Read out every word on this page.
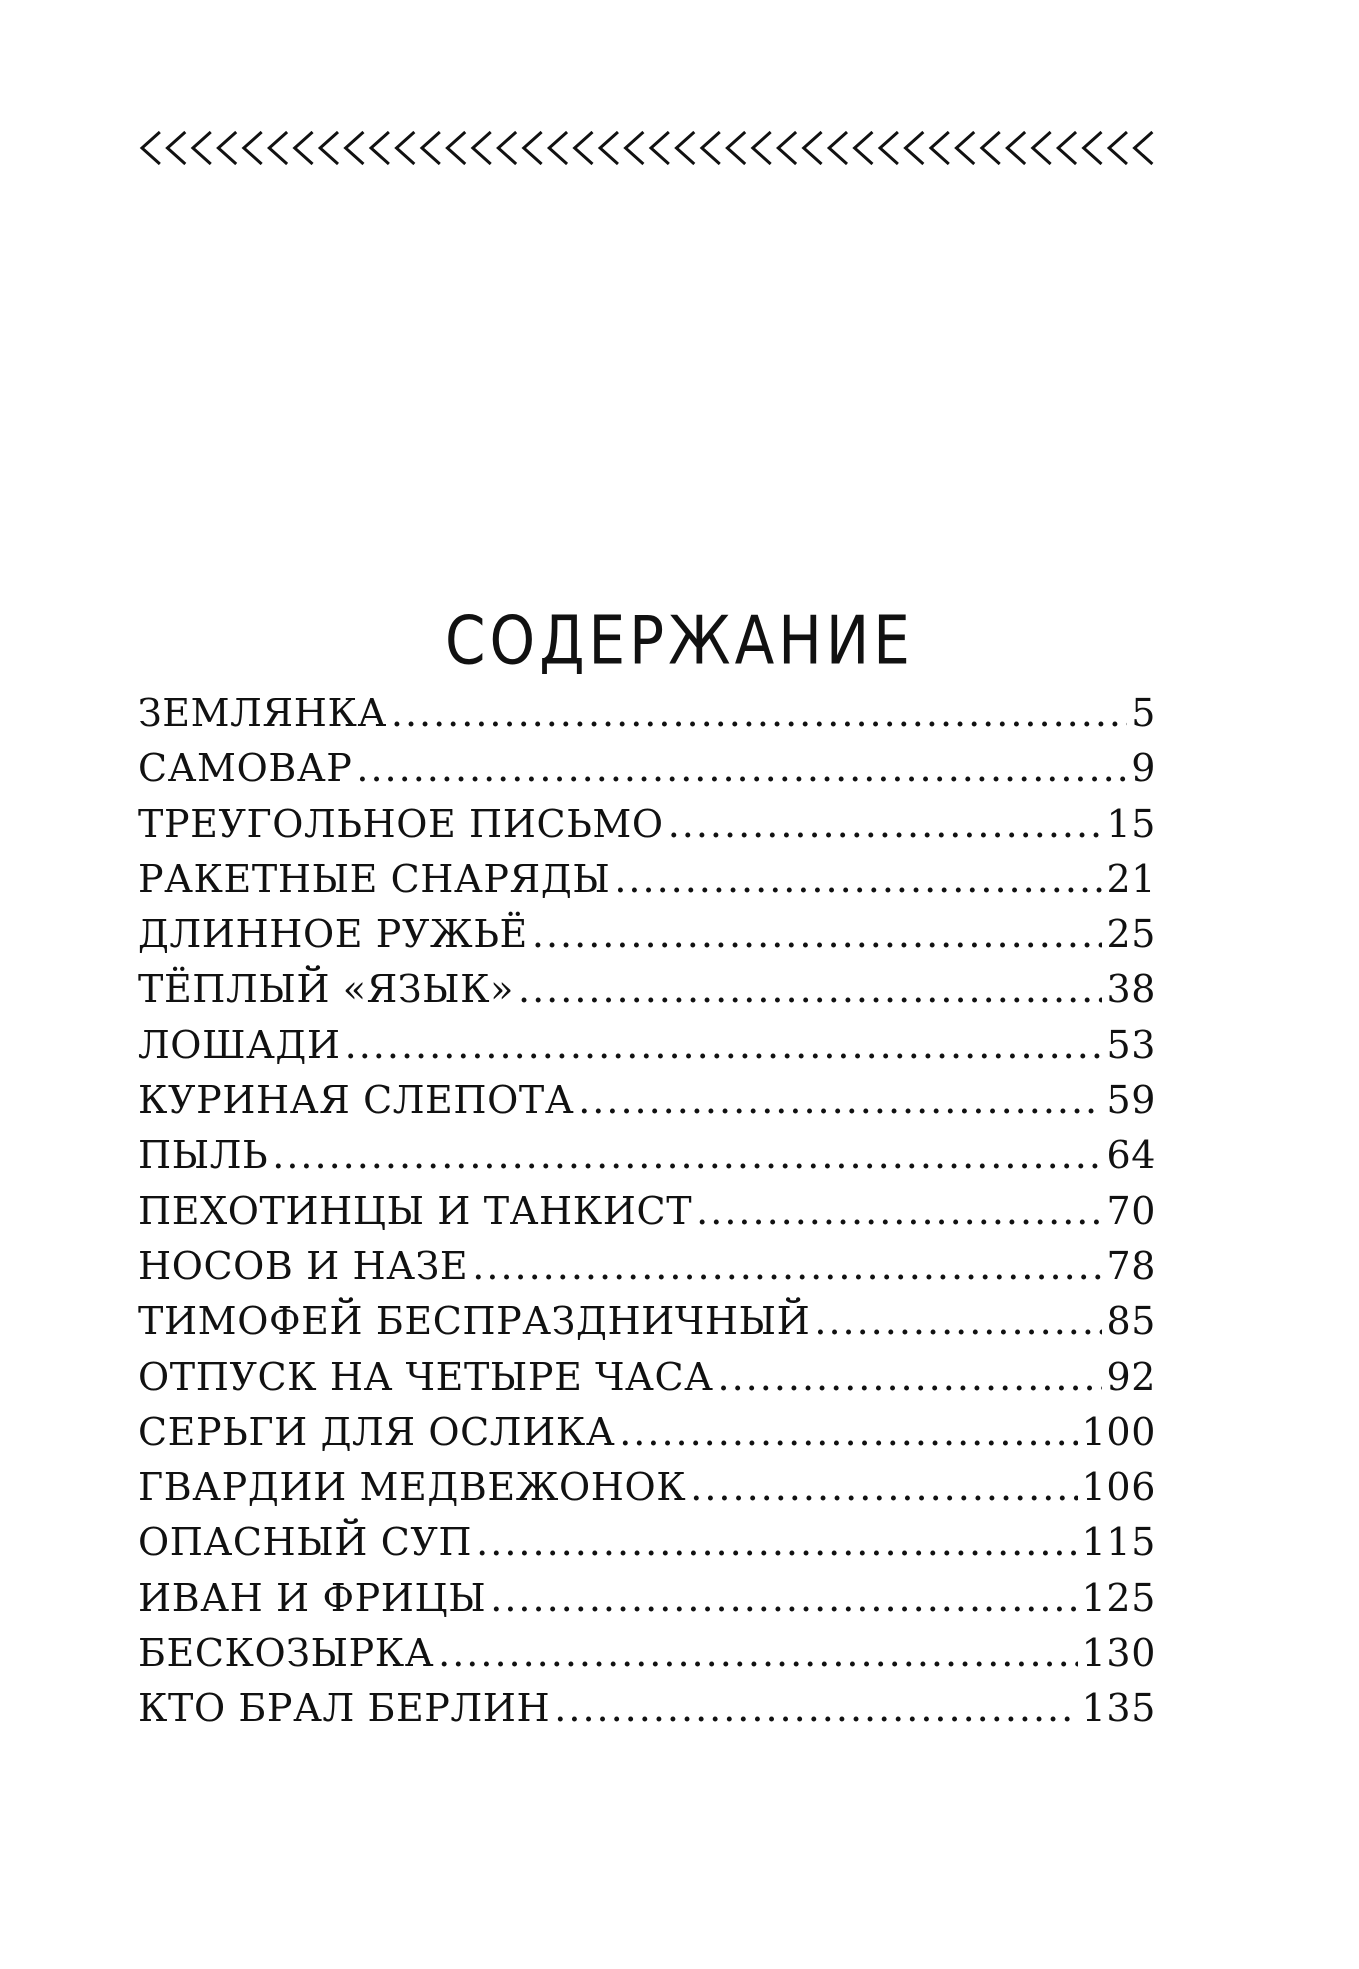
СОДЕРЖАНИЕ
ЗЕМЛЯНКА .....	5
САМОВАР .....	9
ТРЕУГОЛЬНОЕ ПИСЬМО .....	15
РАКЕТНЫЕ СНАРЯДЫ .....	21
ДЛИННОЕ РУЖЬЁ .....	25
ТЁПЛЫЙ «ЯЗЫК» .....	38
ЛОШАДИ .....	53
КУРИНАЯ СЛЕПОТА .....	59
ПЫЛЬ .....	64
ПЕХОТИНЦЫ И ТАНКИСТ .....	70
НОСОВ И НАЗЕ .....	78
ТИМОФЕЙ БЕСПРАЗДНИЧНЫЙ .....	85
ОТПУСК НА ЧЕТЫРЕ ЧАСА .....	92
СЕРЬГИ ДЛЯ ОСЛИКА .....	100
ГВАРДИИ МЕДВЕЖОНОК .....	106
ОПАСНЫЙ СУП .....	115
ИВАН И ФРИЦЫ .....	125
БЕСКОЗЫРКА .....	130
КТО БРАЛ БЕРЛИН .....	135
